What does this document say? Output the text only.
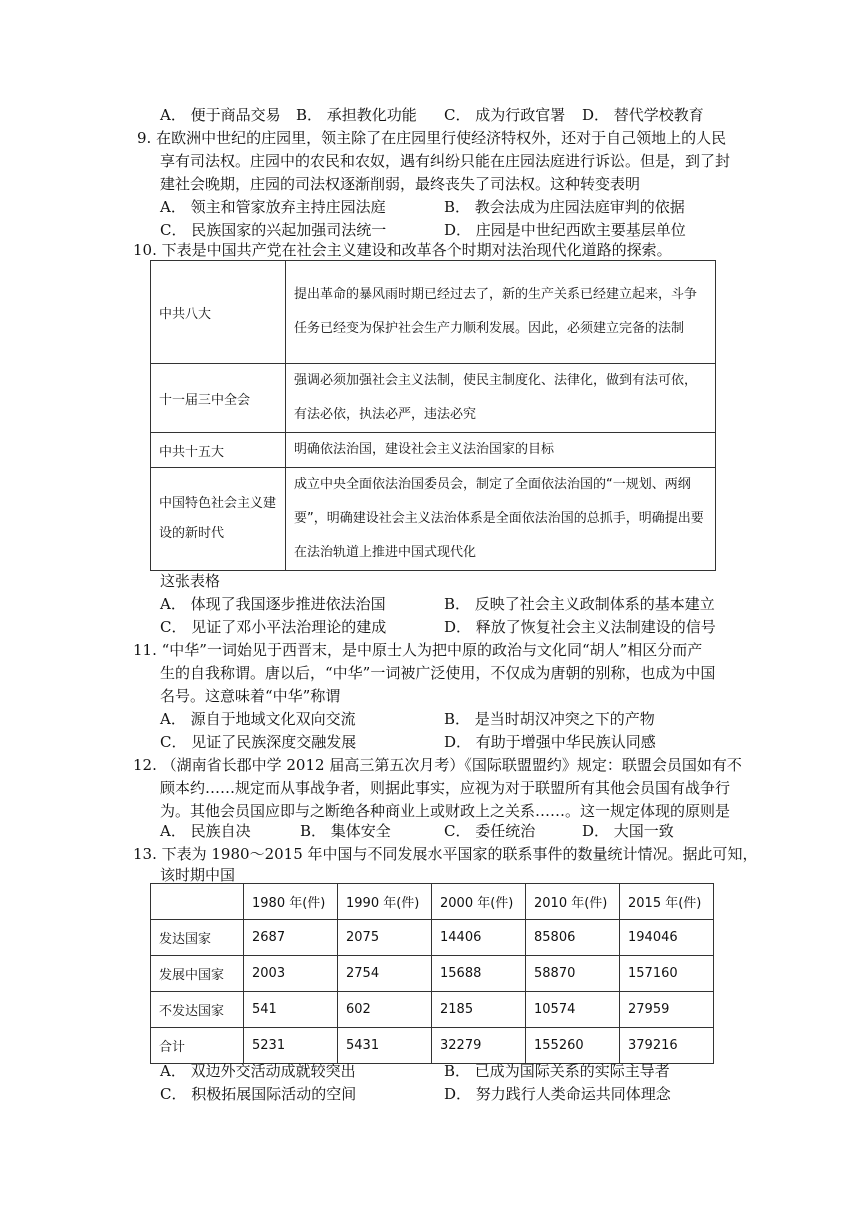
A． 便于商品交易 B． 承担教化功能 C． 成为行政官署 D． 替代学校教育
9. 在欧洲中世纪的庄园里，领主除了在庄园里行使经济特权外，还对于自己领地上的人民
享有司法权。庄园中的农民和农奴，遇有纠纷只能在庄园法庭进行诉讼。但是，到了封
建社会晚期，庄园的司法权逐渐削弱，最终丧失了司法权。这种转变表明
A． 领主和管家放弃主持庄园法庭	B． 教会法成为庄园法庭审判的依据
C． 民族国家的兴起加强司法统一	D． 庄园是中世纪西欧主要基层单位
10. 下表是中国共产党在社会主义建设和改革各个时期对法治现代化道路的探索。
中共八大	提出革命的暴风雨时期已经过去了，新的生产关系已经建立起来，斗争任务已经变为保护社会生产力顺利发展。因此，必须建立完备的法制
十一届三中全会	强调必须加强社会主义法制，使民主制度化、法律化，做到有法可依，有法必依，执法必严，违法必究
中共十五大	明确依法治国，建设社会主义法治国家的目标
中国特色社会主义建设的新时代	成立中央全面依法治国委员会，制定了全面依法治国的“一规划、两纲要”，明确建设社会主义法治体系是全面依法治国的总抓手，明确提出要在法治轨道上推进中国式现代化
这张表格
A． 体现了我国逐步推进依法治国	B． 反映了社会主义政制体系的基本建立
C． 见证了邓小平法治理论的建成	D． 释放了恢复社会主义法制建设的信号
11. “中华”一词始见于西晋末，是中原士人为把中原的政治与文化同“胡人”相区分而产
生的自我称谓。唐以后，“中华”一词被广泛使用，不仅成为唐朝的别称，也成为中国
名号。这意味着“中华”称谓
A． 源自于地域文化双向交流	B． 是当时胡汉冲突之下的产物
C． 见证了民族深度交融发展	D． 有助于增强中华民族认同感
12. （湖南省长郡中学 2012 届高三第五次月考）《国际联盟盟约》规定：联盟会员国如有不
顾本约……规定而从事战争者，则据此事实，应视为对于联盟所有其他会员国有战争行
为。其他会员国应即与之断绝各种商业上或财政上之关系……。这一规定体现的原则是
A． 民族自决	B． 集体安全	C． 委任统治	D． 大国一致
13. 下表为 1980～2015 年中国与不同发展水平国家的联系事件的数量统计情况。据此可知，
该时期中国
	1980 年(件)	1990 年(件)	2000 年(件)	2010 年(件)	2015 年(件)
发达国家	2687	2075	14406	85806	194046
发展中国家	2003	2754	15688	58870	157160
不发达国家	541	602	2185	10574	27959
合计	5231	5431	32279	155260	379216
A． 双边外交活动成就较突出	B． 已成为国际关系的实际主导者
C． 积极拓展国际活动的空间	D． 努力践行人类命运共同体理念
